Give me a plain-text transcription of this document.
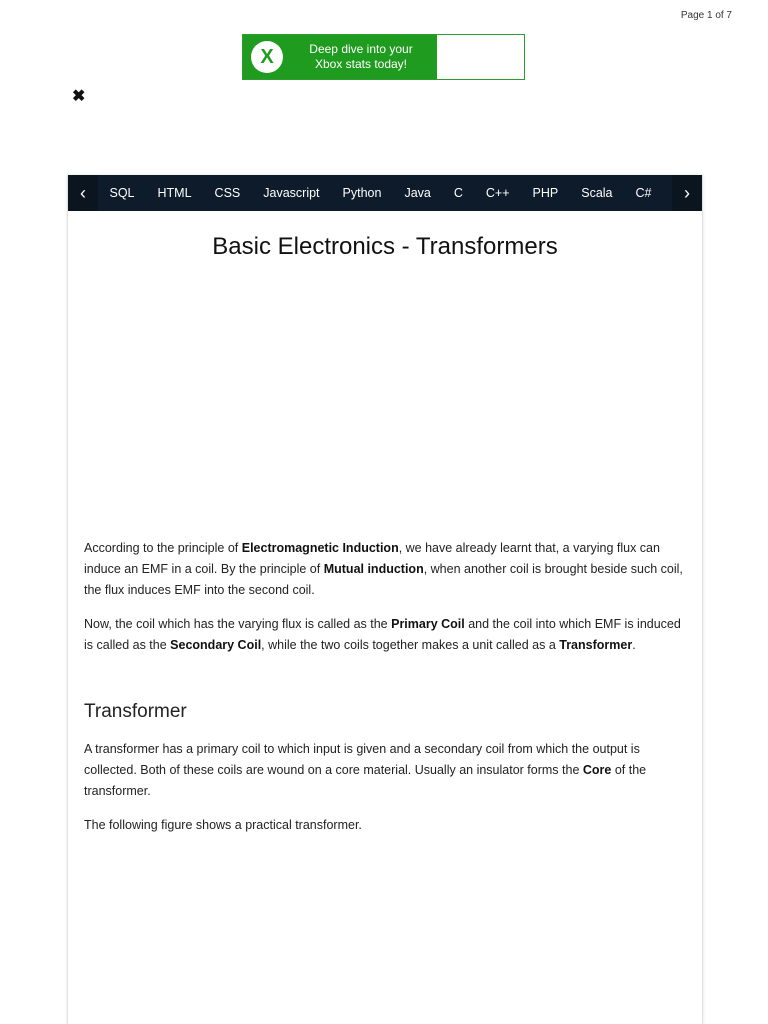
Page 1 of 7
X	Deep dive into your
Xbox stats today!
✖
‹	SQL	HTML	CSS	Javascript	Python	Java	C	C++	PHP	Scala	C#	›
Basic Electronics - Transformers
According to the principle of Electromagnetic Induction, we have already learnt that, a varying flux can induce an EMF in a coil. By the principle of Mutual induction, when another coil is brought beside such coil, the flux induces EMF into the second coil.
Now, the coil which has the varying flux is called as the Primary Coil and the coil into which EMF is induced is called as the Secondary Coil, while the two coils together makes a unit called as a Transformer.
Transformer
A transformer has a primary coil to which input is given and a secondary coil from which the output is collected. Both of these coils are wound on a core material. Usually an insulator forms the Core of the transformer.
The following figure shows a practical transformer.
